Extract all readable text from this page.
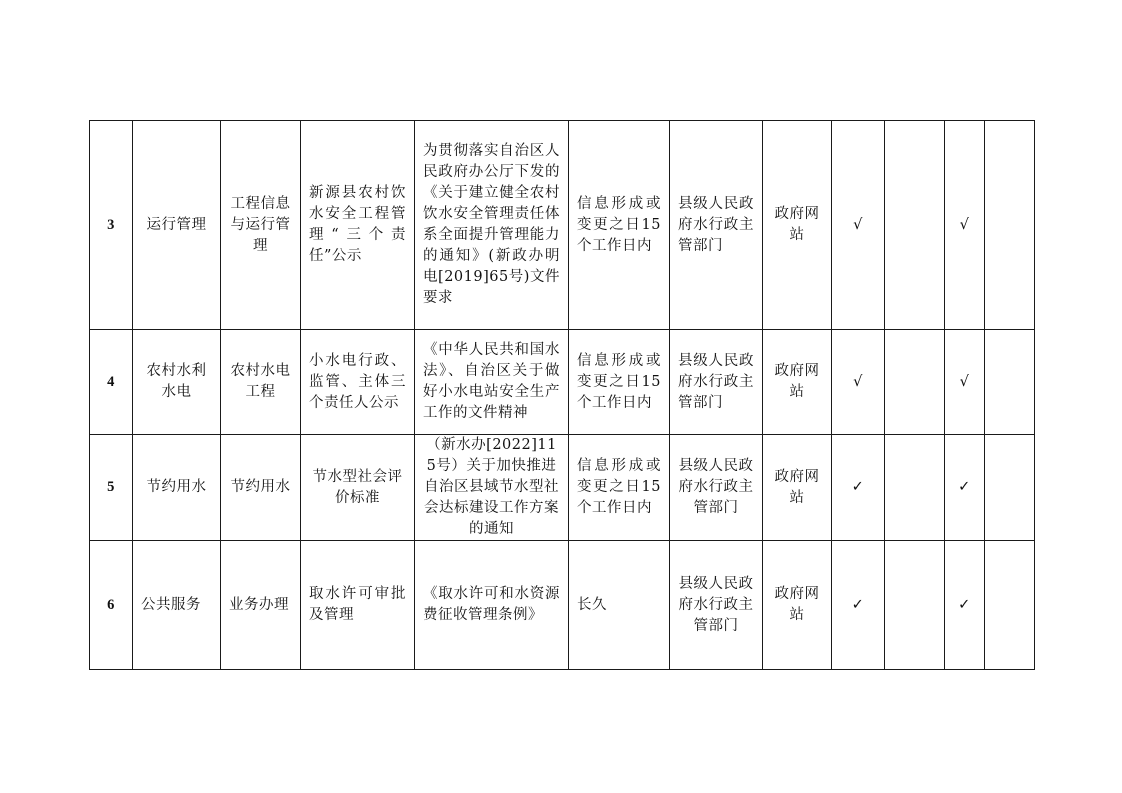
3	运行管理	工程信息与运行管理	新源县农村饮水安全工程管理“三个责任”公示	为贯彻落实自治区人民政府办公厅下发的《关于建立健全农村饮水安全管理责任体系全面提升管理能力的通知》(新政办明电[2019]65号)文件要求	信息形成或变更之日15个工作日内	县级人民政府水行政主管部门	政府网站	√		√	
4	农村水利水电	农村水电工程	小水电行政、监管、主体三个责任人公示	《中华人民共和国水法》、自治区关于做好小水电站安全生产工作的文件精神	信息形成或变更之日15个工作日内	县级人民政府水行政主管部门	政府网站	√		√	
5	节约用水	节约用水	节水型社会评价标准	（新水办[2022]115号）关于加快推进自治区县域节水型社会达标建设工作方案的通知	信息形成或变更之日15个工作日内	县级人民政府水行政主管部门	政府网站	✓		✓	
6	公共服务	业务办理	取水许可审批及管理	《取水许可和水资源费征收管理条例》	长久	县级人民政府水行政主管部门	政府网站	✓		✓	
